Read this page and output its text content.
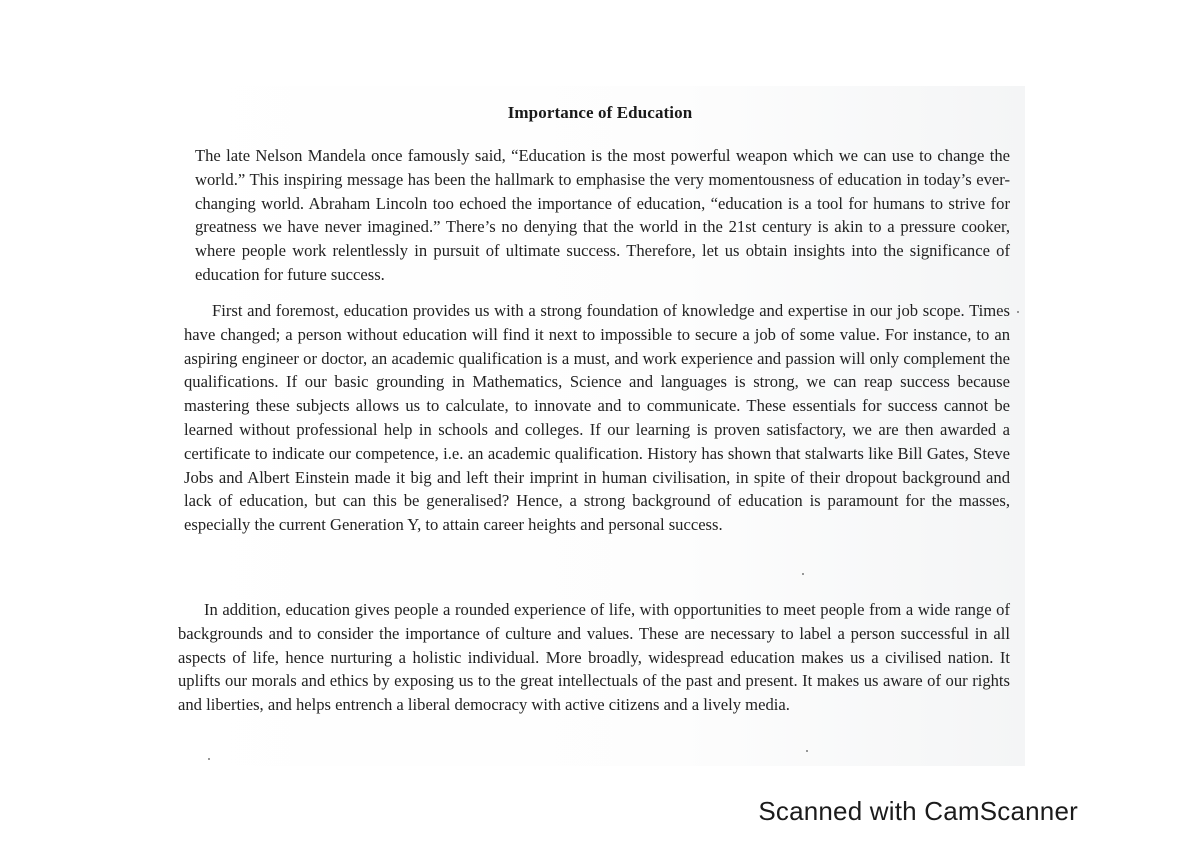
Importance of Education

The late Nelson Mandela once famously said, “Education is the most powerful weapon which we can use to change the world.” This inspiring message has been the hallmark to emphasise the very momentousness of education in today’s ever-changing world. Abraham Lincoln too echoed the importance of education, “education is a tool for humans to strive for greatness we have never imagined.” There’s no denying that the world in the 21st century is akin to a pressure cooker, where people work relentlessly in pursuit of ultimate success. Therefore, let us obtain insights into the significance of education for future success.

First and foremost, education provides us with a strong foundation of knowledge and expertise in our job scope. Times have changed; a person without education will find it next to impossible to secure a job of some value. For instance, to an aspiring engineer or doctor, an academic qualification is a must, and work experience and passion will only complement the qualifications. If our basic grounding in Mathematics, Science and languages is strong, we can reap success because mastering these subjects allows us to calculate, to innovate and to communicate. These essentials for success cannot be learned without professional help in schools and colleges. If our learning is proven satisfactory, we are then awarded a certificate to indicate our competence, i.e. an academic qualification. History has shown that stalwarts like Bill Gates, Steve Jobs and Albert Einstein made it big and left their imprint in human civilisation, in spite of their dropout background and lack of education, but can this be generalised? Hence, a strong background of education is paramount for the masses, especially the current Generation Y, to attain career heights and personal success.

In addition, education gives people a rounded experience of life, with opportunities to meet people from a wide range of backgrounds and to consider the importance of culture and values. These are necessary to label a person successful in all aspects of life, hence nurturing a holistic individual. More broadly, widespread education makes us a civilised nation. It uplifts our morals and ethics by exposing us to the great intellectuals of the past and present. It makes us aware of our rights and liberties, and helps entrench a liberal democracy with active citizens and a lively media.

Scanned with CamScanner
